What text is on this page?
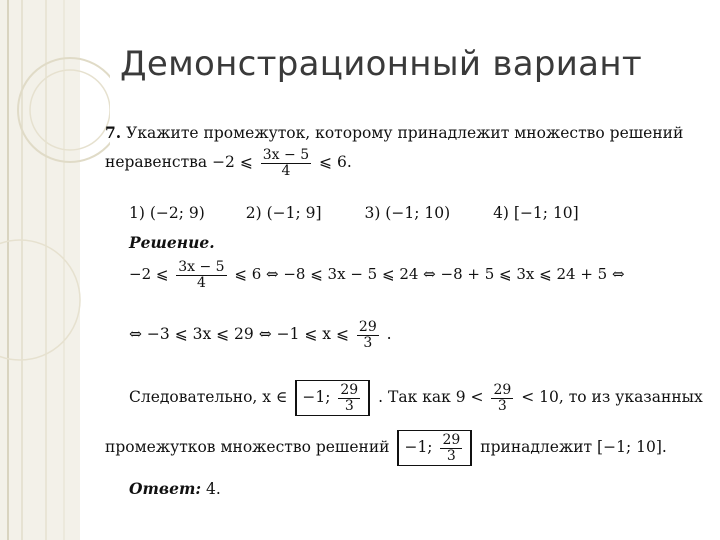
Демонстрационный вариант
7. Укажите промежуток, которому принадлежит множество решений
неравенства −2 ⩽ $\frac{3x - 5}{4}$ ⩽ 6.
1) (−2; 9)	2) (−1; 9]	3) (−1; 10)	4) [−1; 10]
Решение.
−2 ⩽ $\frac{3x - 5}{4}$ ⩽ 6 ⇔ −8 ⩽ 3x − 5 ⩽ 24 ⇔ −8 + 5 ⩽ 3x ⩽ 24 + 5 ⇔
⇔ −3 ⩽ 3x ⩽ 29 ⇔ −1 ⩽ x ⩽ $\frac{29}{3}$ .
Следовательно, x ∈ −1; $\frac{29}{3}$ . Так как $9 < \frac{29}{3} < 10$, то из указанных
промежутков множество решений −1; $\frac{29}{3}$ принадлежит [−1; 10].
Ответ: 4.
